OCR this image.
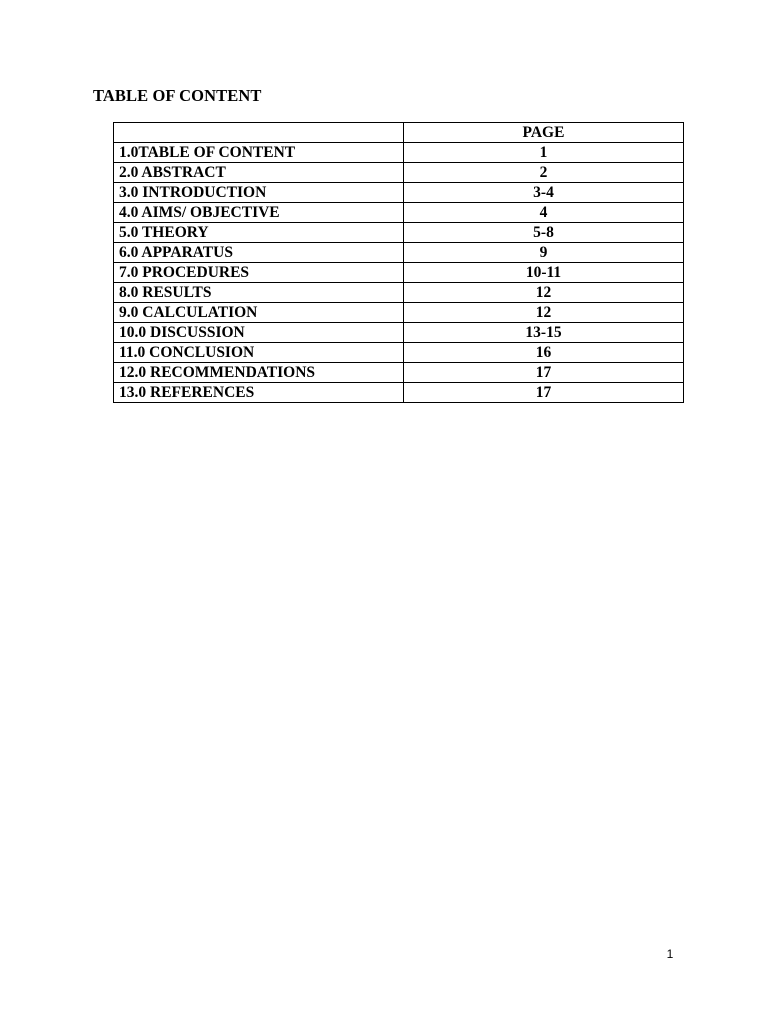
TABLE OF CONTENT
	PAGE
1.0TABLE OF CONTENT	1
2.0 ABSTRACT	2
3.0 INTRODUCTION	3-4
4.0 AIMS/ OBJECTIVE	4
5.0 THEORY	5-8
6.0 APPARATUS	9
7.0 PROCEDURES	10-11
8.0 RESULTS	12
9.0 CALCULATION	12
10.0 DISCUSSION	13-15
11.0 CONCLUSION	16
12.0 RECOMMENDATIONS	17
13.0 REFERENCES	17
1
